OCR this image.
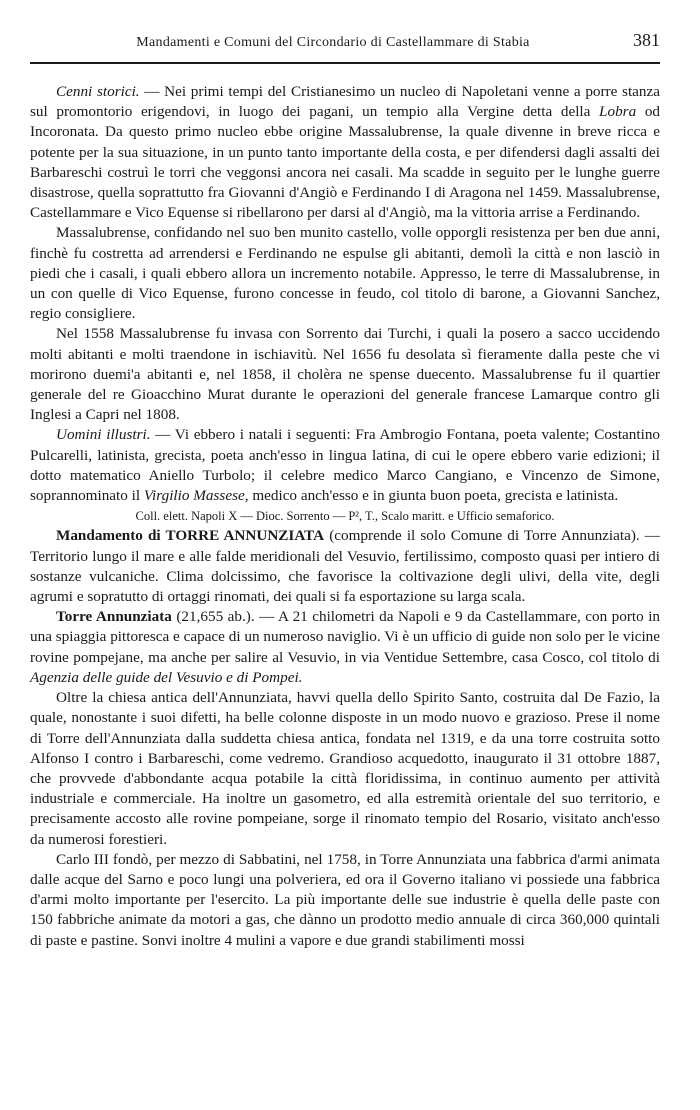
Mandamenti e Comuni del Circondario di Castellammare di Stabia	381

Cenni storici. — Nei primi tempi del Cristianesimo un nucleo di Napoletani venne a porre stanza sul promontorio erigendovi, in luogo dei pagani, un tempio alla Vergine detta della Lobra od Incoronata. Da questo primo nucleo ebbe origine Massalubrense, la quale divenne in breve ricca e potente per la sua situazione, in un punto tanto importante della costa, e per difendersi dagli assalti dei Barbareschi costruì le torri che veggonsi ancora nei casali. Ma scadde in seguito per le lunghe guerre disastrose, quella soprattutto fra Giovanni d'Angiò e Ferdinando I di Aragona nel 1459. Massalubrense, Castellammare e Vico Equense si ribellarono per darsi al d'Angiò, ma la vittoria arrise a Ferdinando.

Massalubrense, confidando nel suo ben munito castello, volle opporgli resistenza per ben due anni, finchè fu costretta ad arrendersi e Ferdinando ne espulse gli abitanti, demolì la città e non lasciò in piedi che i casali, i quali ebbero allora un incremento notabile. Appresso, le terre di Massalubrense, in un con quelle di Vico Equense, furono concesse in feudo, col titolo di barone, a Giovanni Sanchez, regio consigliere.

Nel 1558 Massalubrense fu invasa con Sorrento dai Turchi, i quali la posero a sacco uccidendo molti abitanti e molti traendone in ischiavitù. Nel 1656 fu desolata sì fieramente dalla peste che vi morirono duemi'a abitanti e, nel 1858, il cholèra ne spense duecento. Massalubrense fu il quartier generale del re Gioacchino Murat durante le operazioni del generale francese Lamarque contro gli Inglesi a Capri nel 1808.

Uomini illustri. — Vi ebbero i natali i seguenti: Fra Ambrogio Fontana, poeta valente; Costantino Pulcarelli, latinista, grecista, poeta anch'esso in lingua latina, di cui le opere ebbero varie edizioni; il dotto matematico Aniello Turbolo; il celebre medico Marco Cangiano, e Vincenzo de Simone, soprannominato il Virgilio Massese, medico anch'esso e in giunta buon poeta, grecista e latinista.

Coll. elett. Napoli X — Dioc. Sorrento — P², T., Scalo maritt. e Ufficio semaforico.

Mandamento di TORRE ANNUNZIATA (comprende il solo Comune di Torre Annunziata). — Territorio lungo il mare e alle falde meridionali del Vesuvio, fertilissimo, composto quasi per intiero di sostanze vulcaniche. Clima dolcissimo, che favorisce la coltivazione degli ulivi, della vite, degli agrumi e sopratutto di ortaggi rinomati, dei quali si fa esportazione su larga scala.

Torre Annunziata (21,655 ab.). — A 21 chilometri da Napoli e 9 da Castellammare, con porto in una spiaggia pittoresca e capace di un numeroso naviglio. Vi è un ufficio di guide non solo per le vicine rovine pompejane, ma anche per salire al Vesuvio, in via Ventidue Settembre, casa Cosco, col titolo di Agenzia delle guide del Vesuvio e di Pompei.

Oltre la chiesa antica dell'Annunziata, havvi quella dello Spirito Santo, costruita dal De Fazio, la quale, nonostante i suoi difetti, ha belle colonne disposte in un modo nuovo e grazioso. Prese il nome di Torre dell'Annunziata dalla suddetta chiesa antica, fondata nel 1319, e da una torre costruita sotto Alfonso I contro i Barbareschi, come vedremo. Grandioso acquedotto, inaugurato il 31 ottobre 1887, che provvede d'abbondante acqua potabile la città floridissima, in continuo aumento per attività industriale e commerciale. Ha inoltre un gasometro, ed alla estremità orientale del suo territorio, e precisamente accosto alle rovine pompeiane, sorge il rinomato tempio del Rosario, visitato anch'esso da numerosi forestieri.

Carlo III fondò, per mezzo di Sabbatini, nel 1758, in Torre Annunziata una fabbrica d'armi animata dalle acque del Sarno e poco lungi una polveriera, ed ora il Governo italiano vi possiede una fabbrica d'armi molto importante per l'esercito. La più importante delle sue industrie è quella delle paste con 150 fabbriche animate da motori a gas, che dànno un prodotto medio annuale di circa 360,000 quintali di paste e pastine. Sonvi inoltre 4 mulini a vapore e due grandi stabilimenti mossi
